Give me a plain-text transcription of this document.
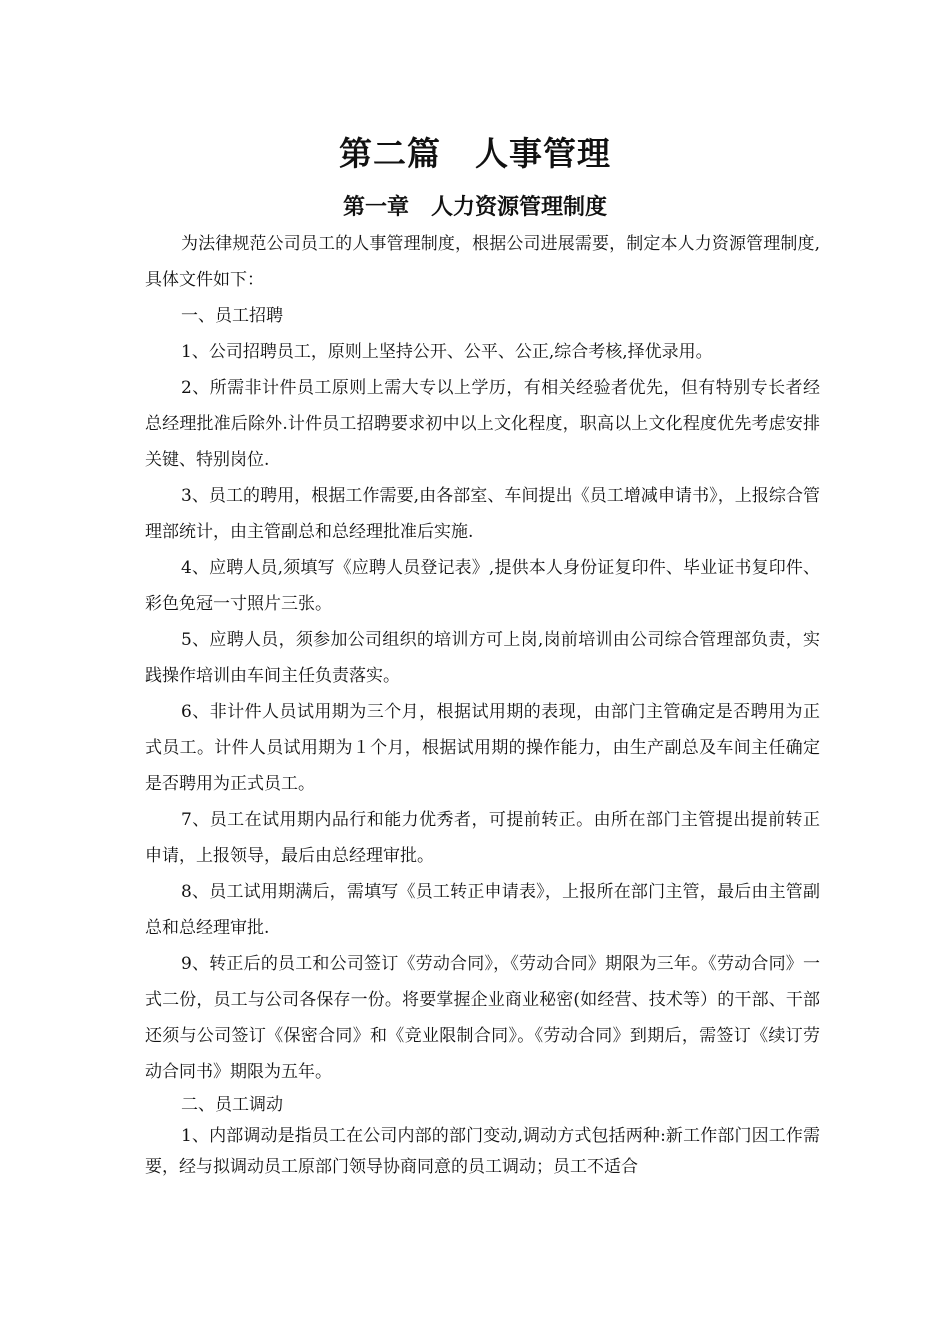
第二篇　人事管理
第一章　人力资源管理制度

为法律规范公司员工的人事管理制度，根据公司进展需要，制定本人力资源管理制度,具体文件如下：

一、员工招聘

1、公司招聘员工，原则上坚持公开、公平、公正,综合考核,择优录用。

2、所需非计件员工原则上需大专以上学历，有相关经验者优先，但有特别专长者经总经理批准后除外.计件员工招聘要求初中以上文化程度，职高以上文化程度优先考虑安排关键、特别岗位.

3、员工的聘用，根据工作需要,由各部室、车间提出《员工增减申请书》，上报综合管理部统计，由主管副总和总经理批准后实施.

4、应聘人员,须填写《应聘人员登记表》,提供本人身份证复印件、毕业证书复印件、彩色免冠一寸照片三张。

5、应聘人员，须参加公司组织的培训方可上岗,岗前培训由公司综合管理部负责，实践操作培训由车间主任负责落实。

6、非计件人员试用期为三个月，根据试用期的表现，由部门主管确定是否聘用为正式员工。计件人员试用期为１个月，根据试用期的操作能力，由生产副总及车间主任确定是否聘用为正式员工。

7、员工在试用期内品行和能力优秀者，可提前转正。由所在部门主管提出提前转正申请，上报领导，最后由总经理审批。

8、员工试用期满后，需填写《员工转正申请表》，上报所在部门主管，最后由主管副总和总经理审批.

9、转正后的员工和公司签订《劳动合同》，《劳动合同》期限为三年。《劳动合同》一式二份，员工与公司各保存一份。将要掌握企业商业秘密(如经营、技术等）的干部、干部还须与公司签订《保密合同》和《竞业限制合同》。《劳动合同》到期后，需签订《续订劳动合同书》期限为五年。

二、员工调动

1、内部调动是指员工在公司内部的部门变动,调动方式包括两种:新工作部门因工作需要，经与拟调动员工原部门领导协商同意的员工调动；员工不适合
